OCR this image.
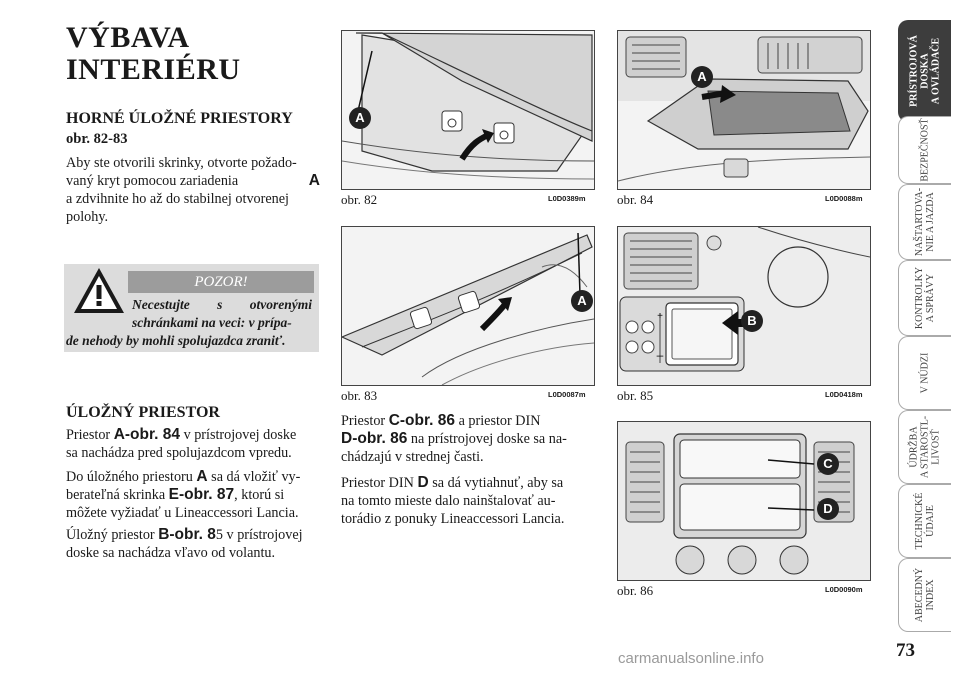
VÝBAVA
INTERIÉRU
HORNÉ ÚLOŽNÉ PRIESTORY
obr. 82-83
Aby ste otvorili skrinky, otvorte požado-
vaný kryt pomocou zariadenia	A
a zdvihnite ho až do stabilnej otvorenej
polohy.
POZOR!
Necestujte s otvorenými
schránkami na veci: v prípa-
de nehody by mohli spolujazdca zraniť.
ÚLOŽNÝ PRIESTOR
Priestor A-obr. 84 v prístrojovej doske
sa nachádza pred spolujazdcom vpredu.
Do úložného priestoru A sa dá vložiť vy-
berateľná skrinka E-obr. 87, ktorú si
môžete vyžiadať u Lineaccessori Lancia.
Úložný priestor B-obr. 85 v prístrojovej
doske sa nachádza vľavo od volantu.
Priestor C-obr. 86 a priestor DIN
D-obr. 86 na prístrojovej doske sa na-
chádzajú v strednej časti.
Priestor DIN D sa dá vytiahnuť, aby sa
na tomto mieste dalo nainštalovať au-
torádio z ponuky Lineaccessori Lancia.
A
obr. 82	L0D0389m
A
obr. 83	L0D0087m
A
obr. 84	L0D0088m
+
–
B
obr. 85	L0D0418m
C
D
obr. 86	L0D0090m
PRÍSTROJOVÁ DOSKA A OVLÁDAČE
BEZPEČNOSŤ
NAŠTARTOVA- NIE A JAZDA
KONTROLKY A SPRÁVY
V NÚDZI
ÚDRŽBA A STAROSTL- LIVOSŤ
TECHNICKÉ ÚDAJE
ABECEDNÝ INDEX
73
carmanualsonline.info
